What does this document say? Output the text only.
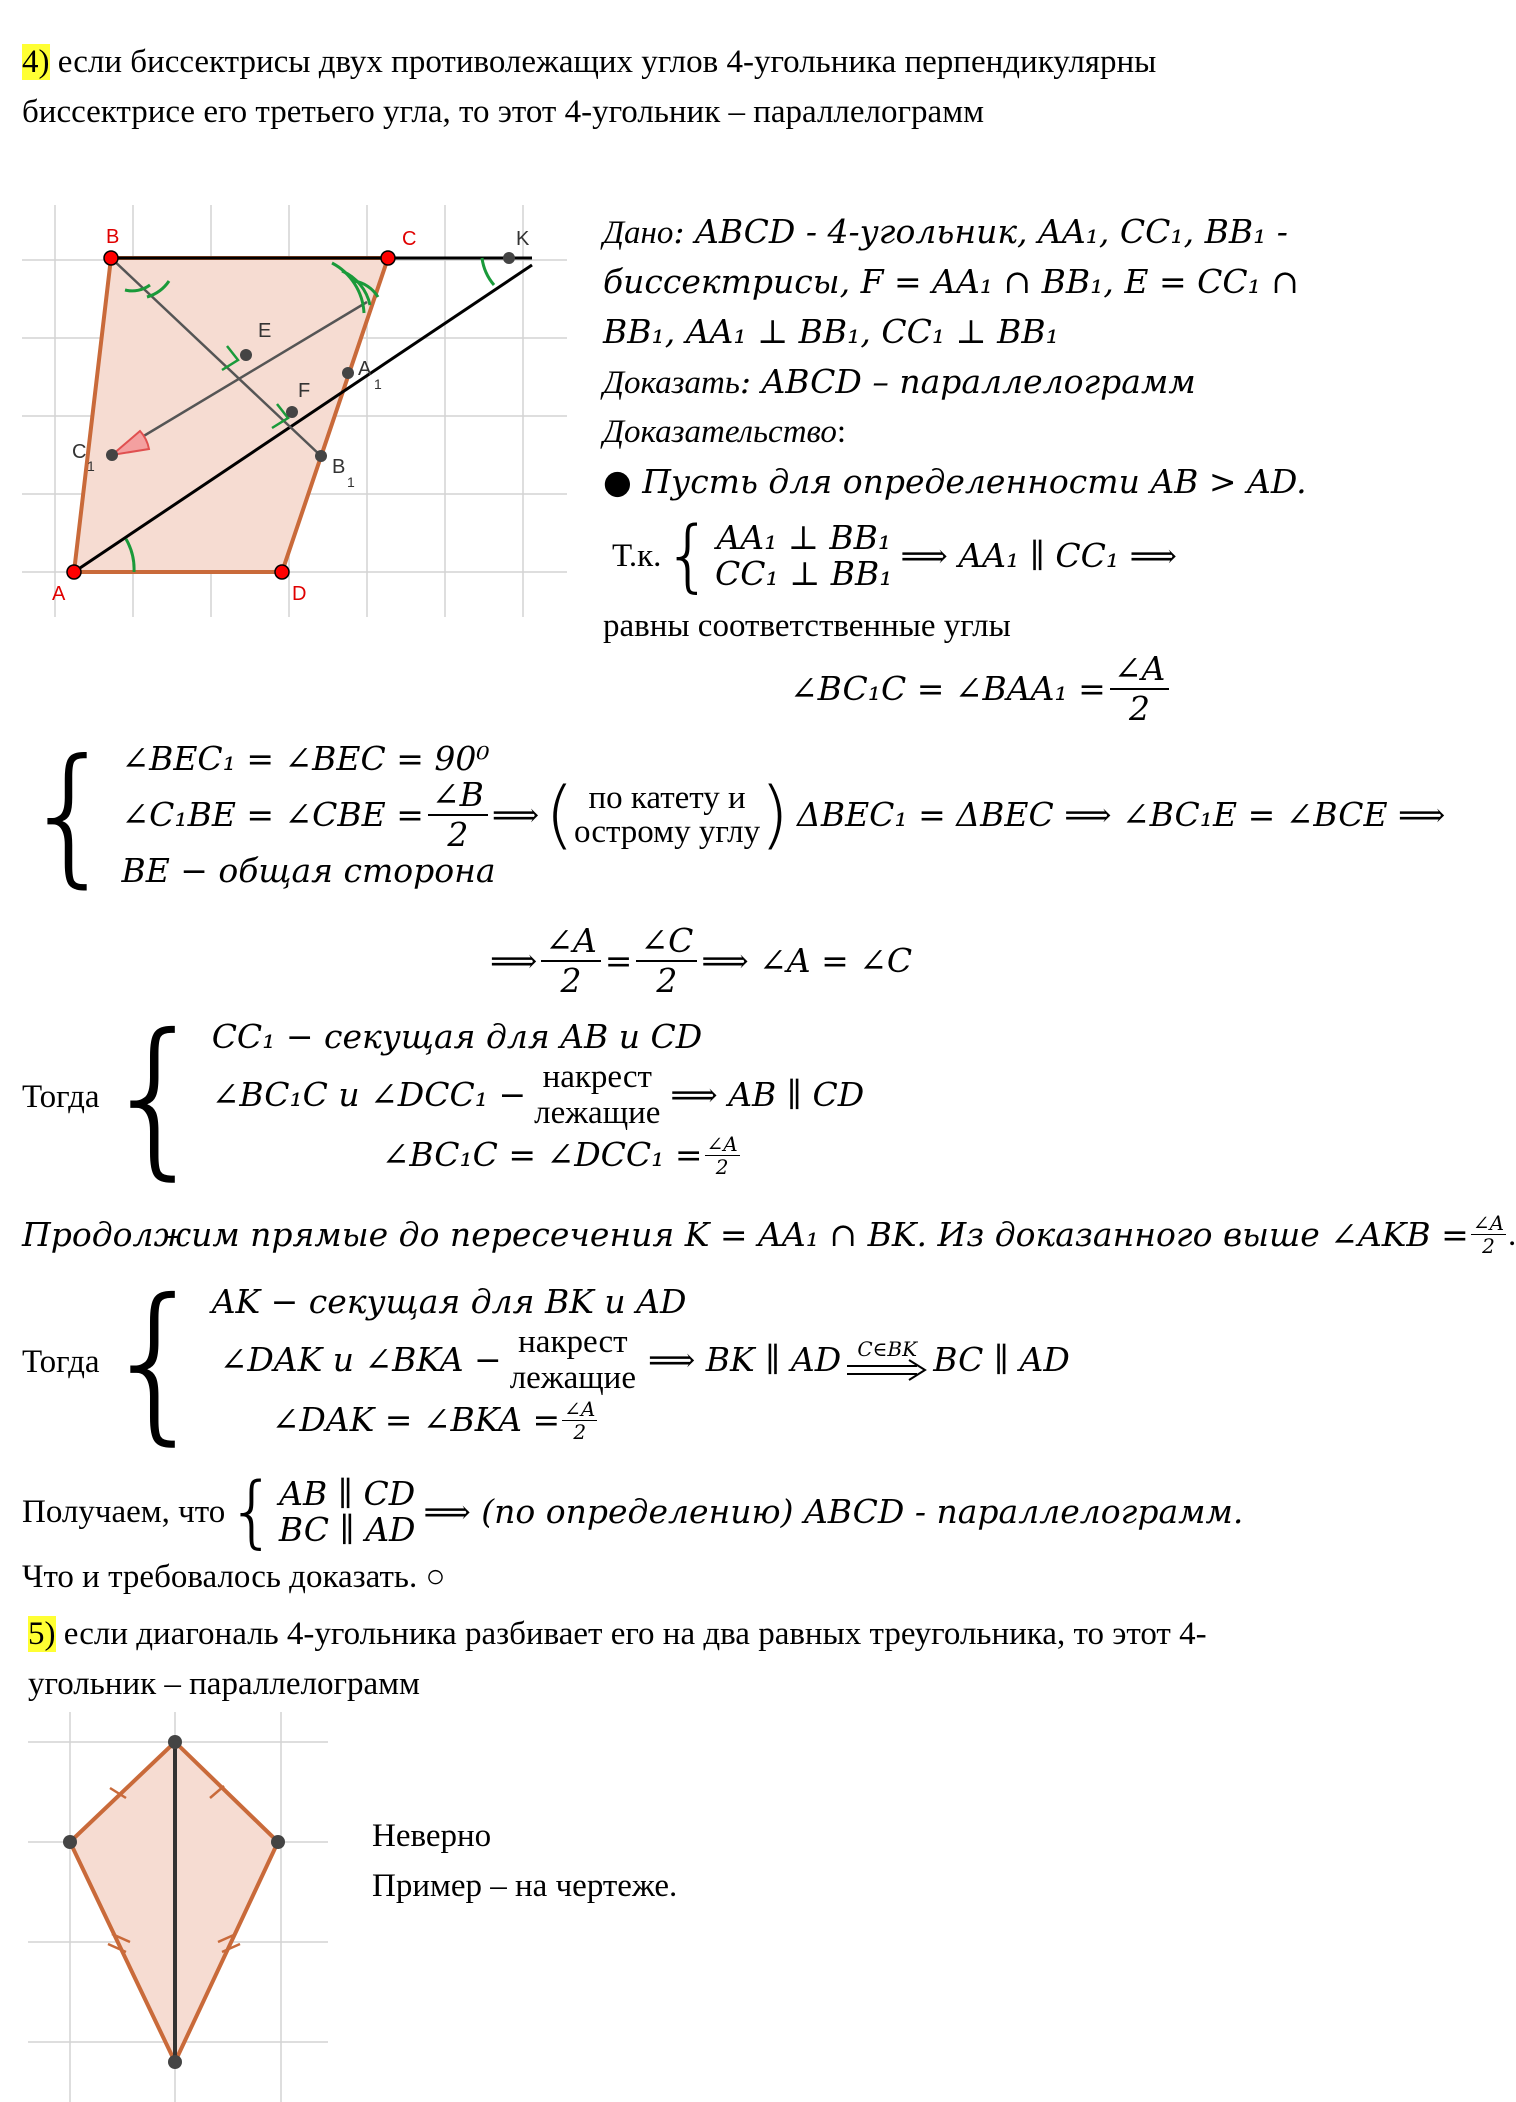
4) если биссектрисы двух противолежащих углов 4-угольника перпендикулярны
биссектрисе его третьего угла, то этот 4-угольник – параллелограмм
B	C
A	D
E
F
K
A
1
C
1	B
1
Дано: ABCD - 4-угольник, AA₁, CC₁, BB₁ -
биссектрисы, F = AA₁ ∩ BB₁, E = CC₁ ∩
BB₁, AA₁ ⊥ BB₁, CC₁ ⊥ BB₁
Доказать: ABCD – параллелограмм
Доказательство:
● Пусть для определенности AB > AD.
Т.к. { AA₁ ⊥ BB₁
CC₁ ⊥ BB₁ ⟹ AA₁ ∥ CC₁ ⟹
равны соответственные углы
∠BC₁C = ∠BAA₁ = $\frac{\angle A}{2}$
{ ∠BEC₁ = ∠BEC = 90⁰
∠C₁BE = ∠CBE = $\frac{\angle B}{2}$ ⟹ ( по катету и
острому углу ) ΔBEC₁ = ΔBEC ⟹ ∠BC₁E = ∠BCE ⟹
BE − общая сторона
⟹ $\frac{\angle A}{2} = \frac{\angle C}{2}$ ⟹ ∠A = ∠C
Тогда { CC₁ − секущая для AB и CD
∠BC₁C и ∠DCC₁ − накрест
лежащие ⟹ AB ∥ CD
∠BC₁C = ∠DCC₁ = $\frac{\angle A}{2}$
Продолжим прямые до пересечения K = AA₁ ∩ BK. Из доказанного выше ∠AKB = $\frac{\angle A}{2}$ .
Тогда { AK − секущая для BK и AD
∠DAK и ∠BKA − накрест
лежащие ⟹ BK ∥ AD C∈BK BC ∥ AD
∠DAK = ∠BKA = $\frac{\angle A}{2}$
Получаем, что { AB ∥ CD
BC ∥ AD ⟹ (по определению) ABCD - параллелограмм.
Что и требовалось доказать. ○
5) если диагональ 4-угольника разбивает его на два равных треугольника, то этот 4-
угольник – параллелограмм
Неверно
Пример – на чертеже.
